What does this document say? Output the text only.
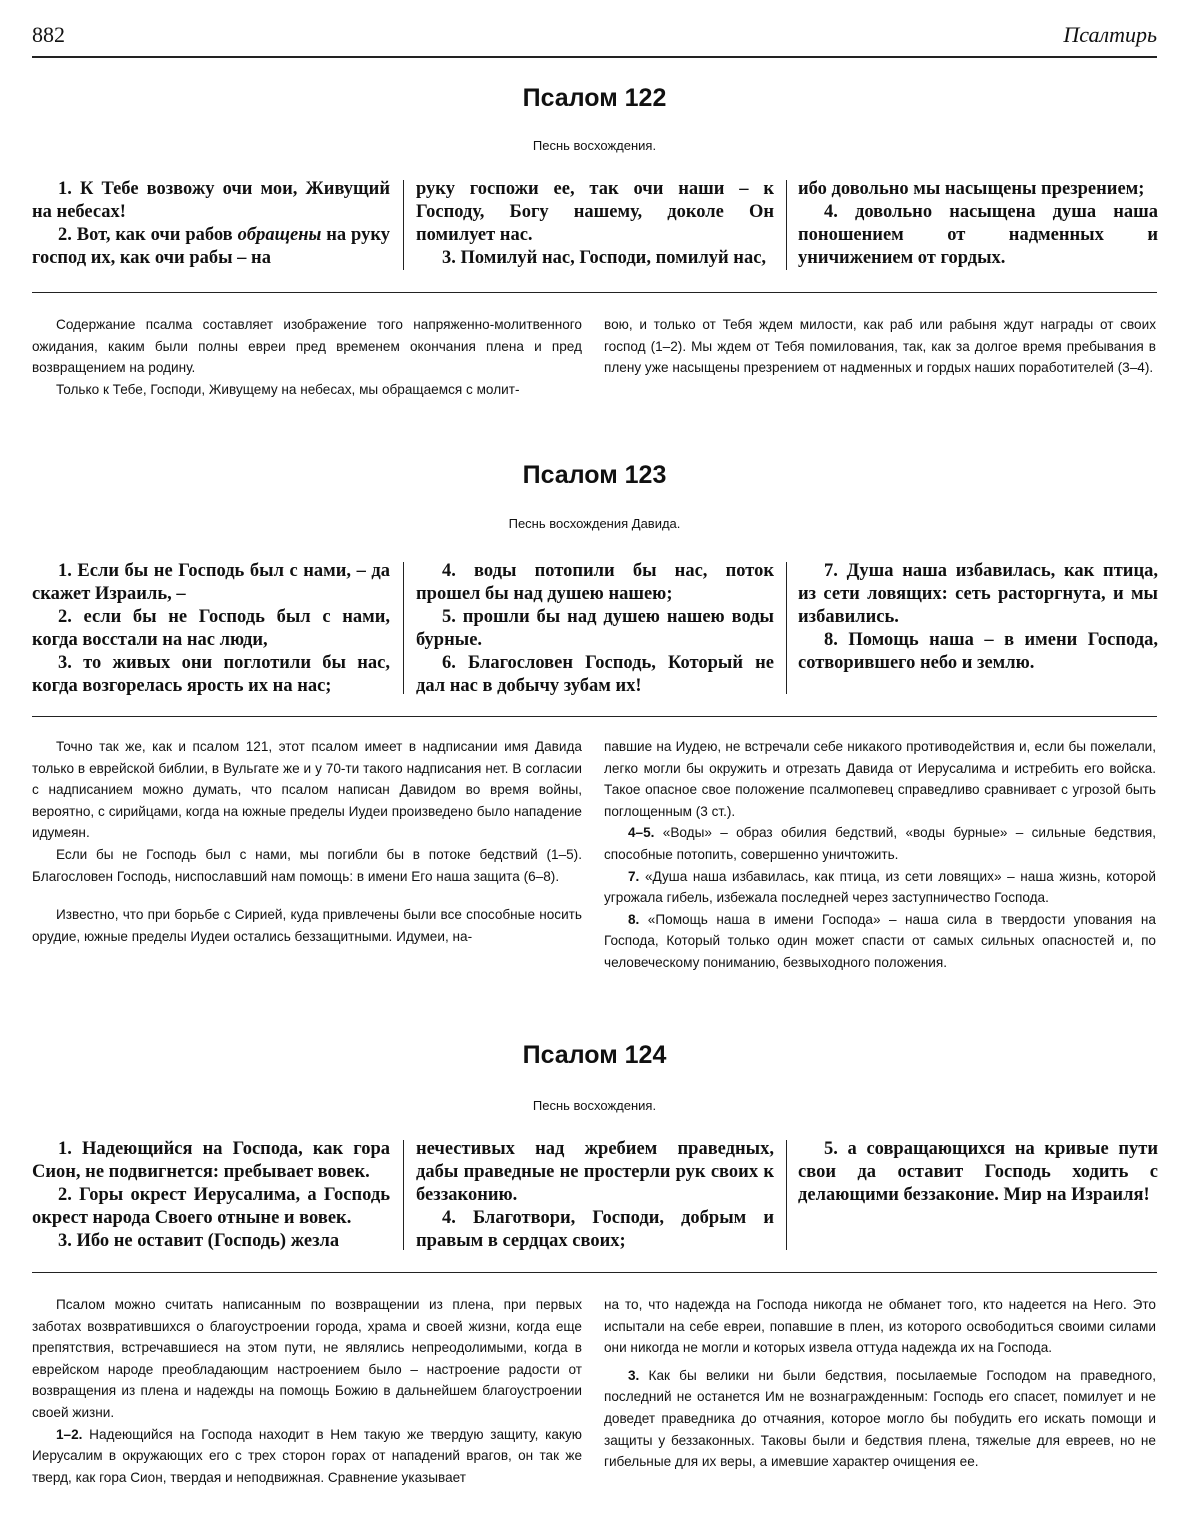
882	Псалтирь
Псалом 122
Песнь восхождения.

1. К Тебе возвожу очи мои, Живущий на небесах!

2. Вот, как очи рабов обращены на руку господ их, как очи рабы – на

руку госпожи ее, так очи наши – к Господу, Богу нашему, доколе Он помилует нас.

3. Помилуй нас, Господи, помилуй нас,

ибо довольно мы насыщены презрением;

4. довольно насыщена душа наша поношением от надменных и уничижением от гордых.

Содержание псалма составляет изображение того напряженно-молитвенного ожидания, каким были полны евреи пред временем окончания плена и пред возвращением на родину.

Только к Тебе, Господи, Живущему на небесах, мы обращаемся с молит-

вою, и только от Тебя ждем милости, как раб или рабыня ждут награды от своих господ (1–2). Мы ждем от Тебя помилования, так, как за долгое время пребывания в плену уже насыщены презрением от надменных и гордых наших поработителей (3–4).

Псалом 123
Песнь восхождения Давида.

1. Если бы не Господь был с нами, – да скажет Израиль, –

2. если бы не Господь был с нами, когда восстали на нас люди,

3. то живых они поглотили бы нас, когда возгорелась ярость их на нас;

4. воды потопили бы нас, поток прошел бы над душею нашею;

5. прошли бы над душею нашею воды бурные.

6. Благословен Господь, Который не дал нас в добычу зубам их!

7. Душа наша избавилась, как птица, из сети ловящих: сеть расторгнута, и мы избавились.

8. Помощь наша – в имени Господа, сотворившего небо и землю.

Точно так же, как и псалом 121, этот псалом имеет в надписании имя Давида только в еврейской библии, в Вульгате же и у 70-ти такого надписания нет. В согласии с надписанием можно думать, что псалом написан Давидом во время войны, вероятно, с сирийцами, когда на южные пределы Иудеи произведено было нападение идумеян.

Если бы не Господь был с нами, мы погибли бы в потоке бедствий (1–5). Благословен Господь, ниспославший нам помощь: в имени Его наша защита (6–8).

Известно, что при борьбе с Сирией, куда привлечены были все способные носить орудие, южные пределы Иудеи остались беззащитными. Идумеи, на-

павшие на Иудею, не встречали себе никакого противодействия и, если бы пожелали, легко могли бы окружить и отрезать Давида от Иерусалима и истребить его войска. Такое опасное свое положение псалмопевец справедливо сравнивает с угрозой быть поглощенным (3 ст.).

4–5. «Воды» – образ обилия бедствий, «воды бурные» – сильные бедствия, способные потопить, совершенно уничтожить.

7. «Душа наша избавилась, как птица, из сети ловящих» – наша жизнь, которой угрожала гибель, избежала последней через заступничество Господа.

8. «Помощь наша в имени Господа» – наша сила в твердости упования на Господа, Который только один может спасти от самых сильных опасностей и, по человеческому пониманию, безвыходного положения.

Псалом 124
Песнь восхождения.

1. Надеющийся на Господа, как гора Сион, не подвигнется: пребывает вовек.

2. Горы окрест Иерусалима, а Господь окрест народа Своего отныне и вовек.

3. Ибо не оставит (Господь) жезла

нечестивых над жребием праведных, дабы праведные не простерли рук своих к беззаконию.

4. Благотвори, Господи, добрым и правым в сердцах своих;

5. а совращающихся на кривые пути свои да оставит Господь ходить с делающими беззаконие. Мир на Израиля!

Псалом можно считать написанным по возвращении из плена, при первых заботах возвратившихся о благоустроении города, храма и своей жизни, когда еще препятствия, встречавшиеся на этом пути, не являлись непреодолимыми, когда в еврейском народе преобладающим настроением было – настроение радости от возвращения из плена и надежды на помощь Божию в дальнейшем благоустроении своей жизни.

1–2. Надеющийся на Господа находит в Нем такую же твердую защиту, какую Иерусалим в окружающих его с трех сторон горах от нападений врагов, он так же тверд, как гора Сион, твердая и неподвижная. Сравнение указывает

на то, что надежда на Господа никогда не обманет того, кто надеется на Него. Это испытали на себе евреи, попавшие в плен, из которого освободиться своими силами они никогда не могли и которых извела оттуда надежда их на Господа.

3. Как бы велики ни были бедствия, посылаемые Господом на праведного, последний не останется Им не вознагражденным: Господь его спасет, помилует и не доведет праведника до отчаяния, которое могло бы побудить его искать помощи и защиты у беззаконных. Таковы были и бедствия плена, тяжелые для евреев, но не гибельные для их веры, а имевшие характер очищения ее.
